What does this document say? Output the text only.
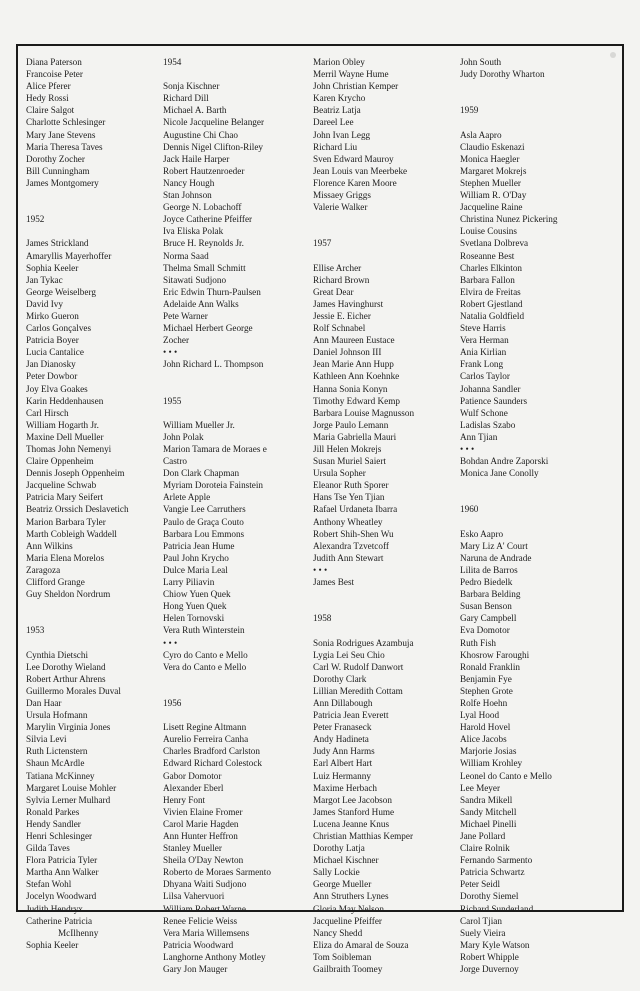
Diana Paterson
Francoise Peter
Alice Pferer
Hedy Rossi
Claire Salgot
Charlotte Schlesinger
Mary Jane Stevens
Maria Theresa Taves
Dorothy Zocher
Bill Cunningham
James Montgomery
1952
James Strickland
Amaryllis Mayerhoffer
Sophia Keeler
Jan Tykac
George Weiselberg
David Ivy
Mirko Gueron
Carlos Gonçalves
Patricia Boyer
Lucia Cantalice
Jan Dianosky
Peter Dowbor
Joy Elva Goakes
Karin Heddenhausen
Carl Hirsch
William Hogarth Jr.
Maxine Dell Mueller
Thomas John Nemenyi
Claire Oppenheim
Dennis Joseph Oppenheim
Jacqueline Schwab
Patricia Mary Seifert
Beatriz Orssich Deslavetich
Marion Barbara Tyler
Marth Cobleigh Waddell
Ann Wilkins
Maria Elena Morelos
Zaragoza
Clifford Grange
Guy Sheldon Nordrum
1953
Cynthia Dietschi
Lee Dorothy Wieland
Robert Arthur Ahrens
Guillermo Morales Duval
Dan Haar
Ursula Hofmann
Marylin Virginia Jones
Silvia Levi
Ruth Lictenstern
Shaun McArdle
Tatiana McKinney
Margaret Louise Mohler
Sylvia Lerner Mulhard
Ronald Parkes
Hendy Sandler
Henri Schlesinger
Gilda Taves
Flora Patricia Tyler
Martha Ann Walker
Stefan Wohl
Jocelyn Woodward
Judith Hendryx
Catherine Patricia
McIlhenny
Sophia Keeler
1954
Sonja Kischner
Richard Dill
Michael A. Barth
Nicole Jacqueline Belanger
Augustine Chi Chao
Dennis Nigel Clifton-Riley
Jack Haile Harper
Robert Hautzenroeder
Nancy Hough
Stan Johnson
George N. Lobachoff
Joyce Catherine Pfeiffer
Iva Eliska Polak
Bruce H. Reynolds Jr.
Norma Saad
Thelma Small Schmitt
Sitawati Sudjono
Eric Edwin Thurn-Paulsen
Adelaide Ann Walks
Pete Warner
Michael Herbert George
Zocher
• • •
John Richard L. Thompson
1955
William Mueller Jr.
John Polak
Marion Tamara de Moraes e
Castro
Don Clark Chapman
Myriam Doroteia Fainstein
Arlete Apple
Vangie Lee Carruthers
Paulo de Graça Couto
Barbara Lou Emmons
Patricia Jean Hume
Paul John Krycho
Dulce Maria Leal
Larry Piliavin
Chiow Yuen Quek
Hong Yuen Quek
Helen Tornovski
Vera Ruth Winterstein
• • •
Cyro do Canto e Mello
Vera do Canto e Mello
1956
Lisett Regine Altmann
Aurelio Ferreira Canha
Charles Bradford Carlston
Edward Richard Colestock
Gabor Domotor
Alexander Eberl
Henry Font
Vivien Elaine Fromer
Carol Marie Hagden
Ann Hunter Heffron
Stanley Mueller
Sheila O'Day Newton
Roberto de Moraes Sarmento
Dhyana Waiti Sudjono
Lilsa Vahervuori
William Robert Warne
Renee Felicie Weiss
Vera Maria Willemsens
Patricia Woodward
Langhorne Anthony Motley
Gary Jon Mauger
Marion Obley
Merril Wayne Hume
John Christian Kemper
Karen Krycho
Beatriz Latja
Dareel Lee
John Ivan Legg
Richard Liu
Sven Edward Mauroy
Jean Louis van Meerbeke
Florence Karen Moore
Missaey Griggs
Valerie Walker
1957
Ellise Archer
Richard Brown
Great Dear
James Havinghurst
Jessie E. Eicher
Rolf Schnabel
Ann Maureen Eustace
Daniel Johnson III
Jean Marie Ann Hupp
Kathleen Ann Koehnke
Hanna Sonia Konyn
Timothy Edward Kemp
Barbara Louise Magnusson
Jorge Paulo Lemann
Maria Gabriella Mauri
Jill Helen Mokrejs
Susan Muriel Saiert
Ursula Sopher
Eleanor Ruth Sporer
Hans Tse Yen Tjian
Rafael Urdaneta Ibarra
Anthony Wheatley
Robert Shih-Shen Wu
Alexandra Tzvetcoff
Judith Ann Stewart
• • •
James Best
1958
Sonia Rodrigues Azambuja
Lygia Lei Seu Chio
Carl W. Rudolf Danwort
Dorothy Clark
Lillian Meredith Cottam
Ann Dillabough
Patricia Jean Everett
Peter Franaseck
Andy Hadineta
Judy Ann Harms
Earl Albert Hart
Luiz Hermanny
Maxime Herbach
Margot Lee Jacobson
James Stanford Hume
Lucena Jeanne Knus
Christian Matthias Kemper
Dorothy Latja
Michael Kischner
Sally Lockie
George Mueller
Ann Struthers Lynes
Gloria May Nelson
Jacqueline Pfeiffer
Nancy Shedd
Eliza do Amaral de Souza
Tom Soibleman
Gailbraith Toomey
John South
Judy Dorothy Wharton
1959
Asla Aapro
Claudio Eskenazi
Monica Haegler
Margaret Mokrejs
Stephen Mueller
William R. O'Day
Jacqueline Raine
Christina Nunez Pickering
Louise Cousins
Svetlana Dolbreva
Roseanne Best
Charles Elkinton
Barbara Fallon
Elvira de Freitas
Robert Gjestland
Natalia Goldfield
Steve Harris
Vera Herman
Ania Kirlian
Frank Long
Carlos Taylor
Johanna Sandler
Patience Saunders
Wulf Schone
Ladislas Szabo
Ann Tjian
• • •
Bohdan Andre Zaporski
Monica Jane Conolly
1960
Esko Aapro
Mary Liz A' Court
Naruna de Andrade
Lilita de Barros
Pedro Biedelk
Barbara Belding
Susan Benson
Gary Campbell
Eva Domotor
Ruth Fish
Khosrow Faroughi
Ronald Franklin
Benjamin Fye
Stephen Grote
Rolfe Hoehn
Lyal Hood
Harold Hovel
Alice Jacobs
Marjorie Josias
William Krohley
Leonel do Canto e Mello
Lee Meyer
Sandra Mikell
Sandy Mitchell
Michael Pinelli
Jane Pollard
Claire Rolnik
Fernando Sarmento
Patricia Schwartz
Peter Seidl
Dorothy Siemel
Richard Sunderland
Carol Tjian
Suely Vieira
Mary Kyle Watson
Robert Whipple
Jorge Duvernoy
